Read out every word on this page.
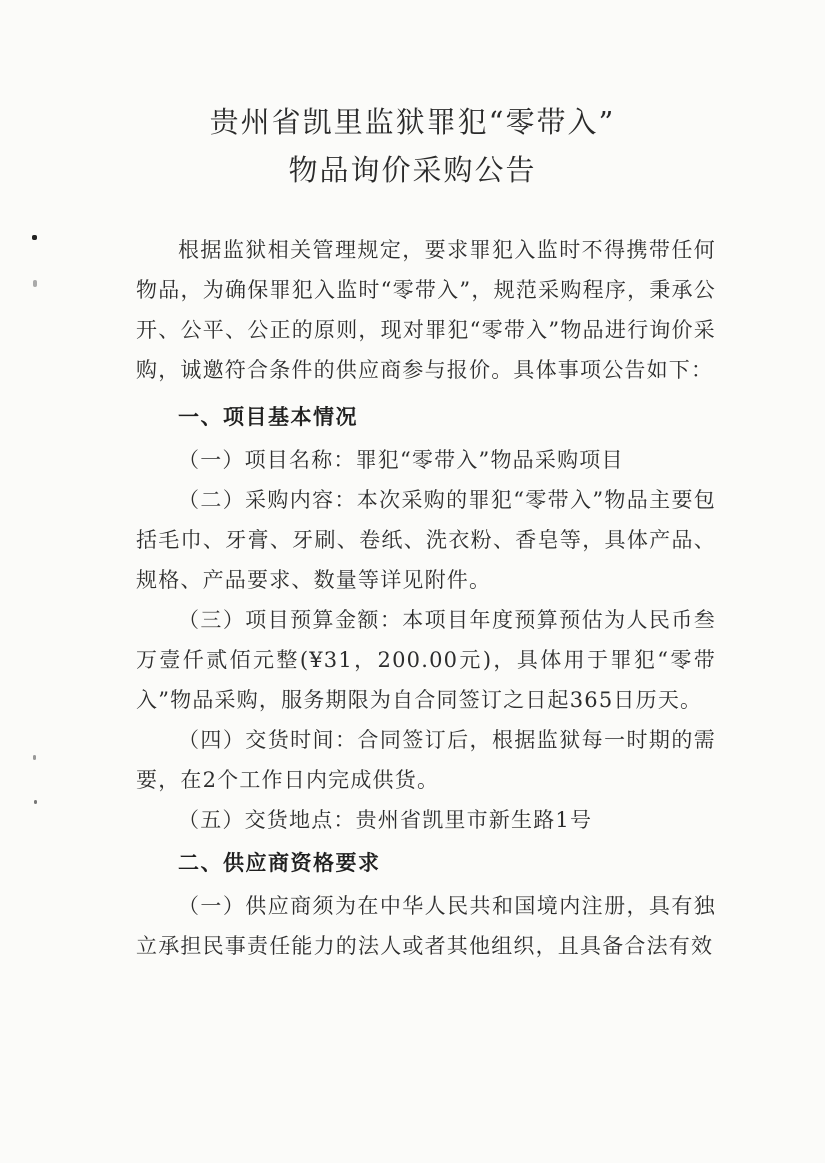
贵州省凯里监狱罪犯“零带入”
物品询价采购公告

根据监狱相关管理规定，要求罪犯入监时不得携带任何物品，为确保罪犯入监时“零带入”，规范采购程序，秉承公开、公平、公正的原则，现对罪犯“零带入”物品进行询价采购，诚邀符合条件的供应商参与报价。具体事项公告如下：

一、项目基本情况

（一）项目名称：罪犯“零带入”物品采购项目

（二）采购内容：本次采购的罪犯“零带入”物品主要包括毛巾、牙膏、牙刷、卷纸、洗衣粉、香皂等，具体产品、规格、产品要求、数量等详见附件。

（三）项目预算金额：本项目年度预算预估为人民币叁万壹仟贰佰元整(¥31，200.00元)，具体用于罪犯“零带入”物品采购，服务期限为自合同签订之日起365日历天。

（四）交货时间：合同签订后，根据监狱每一时期的需要，在2个工作日内完成供货。

（五）交货地点：贵州省凯里市新生路1号

二、供应商资格要求

（一）供应商须为在中华人民共和国境内注册，具有独立承担民事责任能力的法人或者其他组织，且具备合法有效
